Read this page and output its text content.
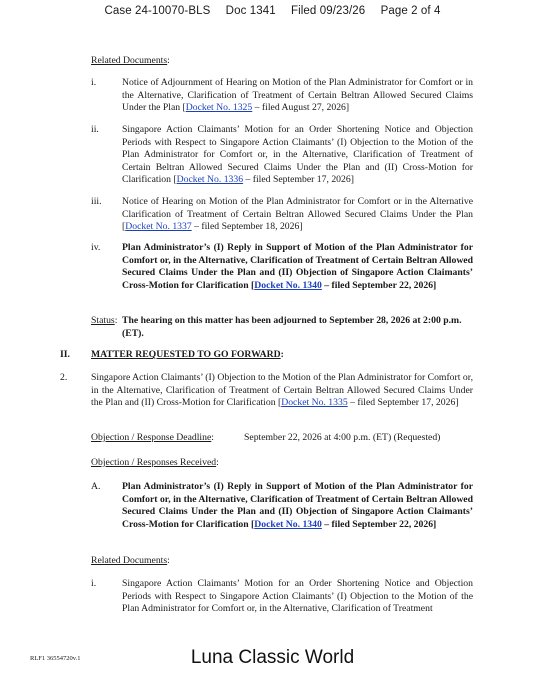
Case 24-10070-BLS Doc 1341 Filed 09/23/26 Page 2 of 4
Related Documents:
i.	Notice of Adjournment of Hearing on Motion of the Plan Administrator for Comfort or in the Alternative, Clarification of Treatment of Certain Beltran Allowed Secured Claims Under the Plan [Docket No. 1325 – filed August 27, 2026]
ii. Singapore Action Claimants’ Motion for an Order Shortening Notice and Objection Periods with Respect to Singapore Action Claimants’ (I) Objection to the Motion of the Plan Administrator for Comfort or, in the Alternative, Clarification of Treatment of Certain Beltran Allowed Secured Claims Under the Plan and (II) Cross-Motion for Clarification [Docket No. 1336 – filed September 17, 2026]
iii. Notice of Hearing on Motion of the Plan Administrator for Comfort or in the Alternative Clarification of Treatment of Certain Beltran Allowed Secured Claims Under the Plan [Docket No. 1337 – filed September 18, 2026]
iv. Plan Administrator’s (I) Reply in Support of Motion of the Plan Administrator for Comfort or, in the Alternative, Clarification of Treatment of Certain Beltran Allowed Secured Claims Under the Plan and (II) Objection of Singapore Action Claimants’ Cross-Motion for Clarification [Docket No. 1340 – filed September 22, 2026]
Status: The hearing on this matter has been adjourned to September 28, 2026 at 2:00 p.m. (ET).
II. MATTER REQUESTED TO GO FORWARD:
2. Singapore Action Claimants’ (I) Objection to the Motion of the Plan Administrator for Comfort or, in the Alternative, Clarification of Treatment of Certain Beltran Allowed Secured Claims Under the Plan and (II) Cross-Motion for Clarification [Docket No. 1335 – filed September 17, 2026]
Objection / Response Deadline:	September 22, 2026 at 4:00 p.m. (ET) (Requested)
Objection / Responses Received:
A. Plan Administrator’s (I) Reply in Support of Motion of the Plan Administrator for Comfort or, in the Alternative, Clarification of Treatment of Certain Beltran Allowed Secured Claims Under the Plan and (II) Objection of Singapore Action Claimants’ Cross-Motion for Clarification [Docket No. 1340 – filed September 22, 2026]
Related Documents:
i.	Singapore Action Claimants’ Motion for an Order Shortening Notice and Objection Periods with Respect to Singapore Action Claimants’ (I) Objection to the Motion of the Plan Administrator for Comfort or, in the Alternative, Clarification of Treatment
RLF1 36554720v.1	Luna Classic World
